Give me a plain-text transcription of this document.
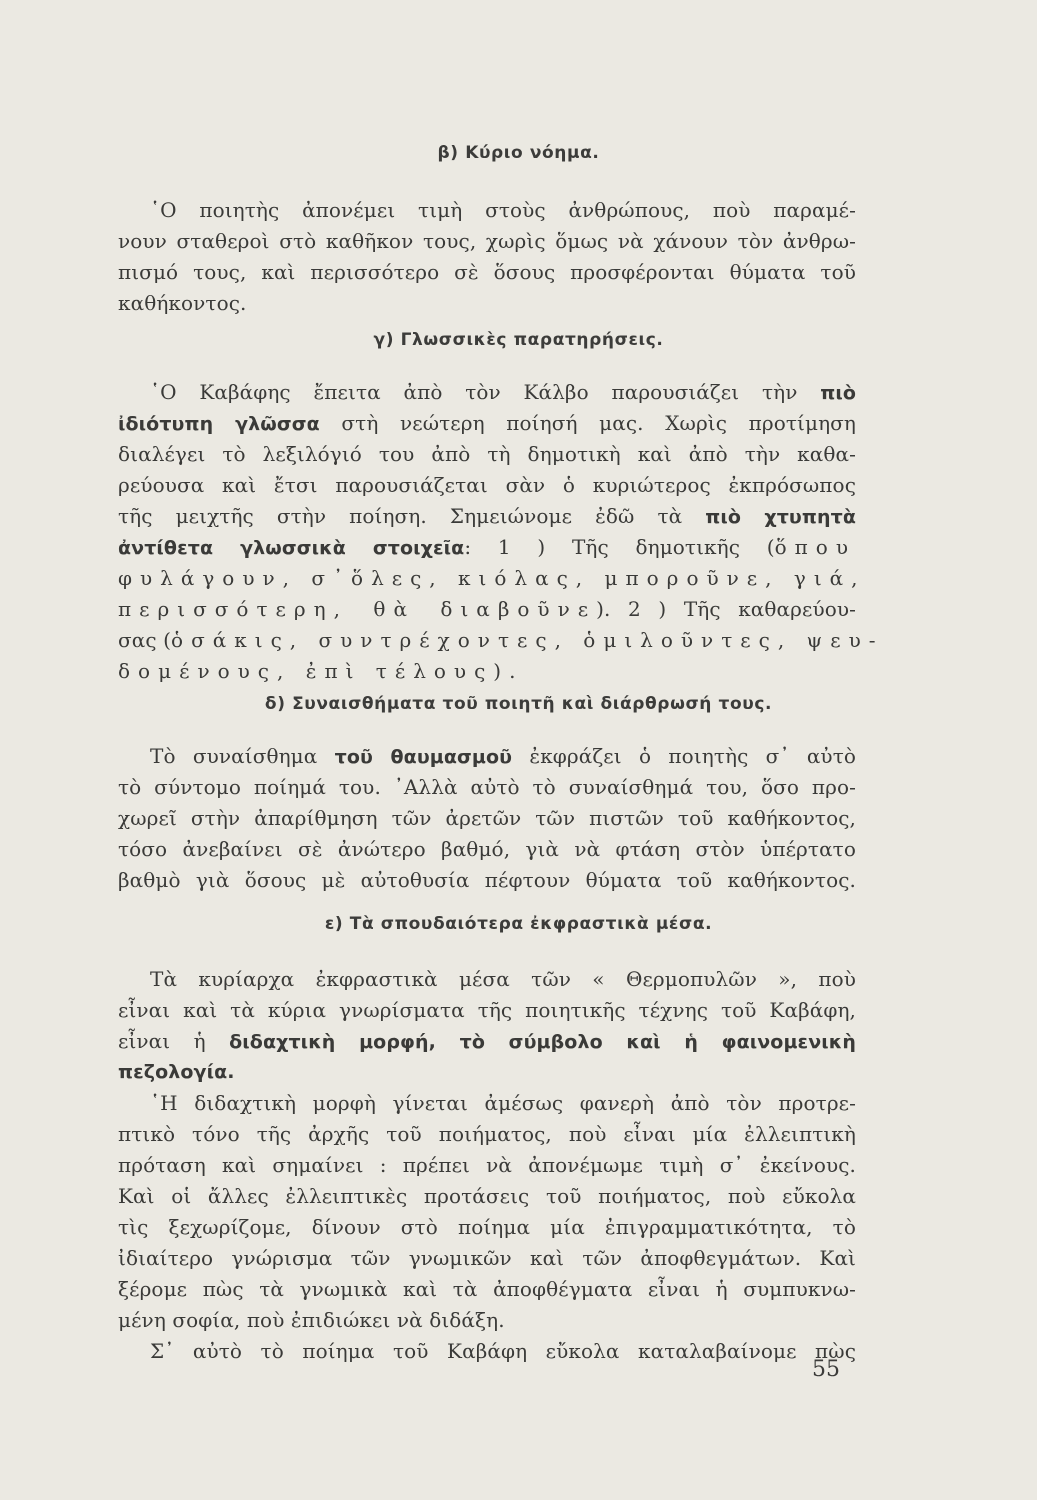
β) Κύριο νόημα.
῾Ο ποιητὴς ἀπονέμει τιμὴ στοὺς ἀνθρώπους, ποὺ παραμέ-
νουν σταθεροὶ στὸ καθῆκον τους, χωρὶς ὅμως νὰ χάνουν τὸν ἀνθρω-
πισμό τους, καὶ περισσότερο σὲ ὅσους προσφέρονται θύματα τοῦ
καθήκοντος.
γ) Γλωσσικὲς παρατηρήσεις.
῾Ο Καβάφης ἔπειτα ἀπὸ τὸν Κάλβο παρουσιάζει τὴν πιὸ
ἰδιότυπη γλῶσσα στὴ νεώτερη ποίησή μας. Χωρὶς προτίμηση
διαλέγει τὸ λεξιλόγιό του ἀπὸ τὴ δημοτικὴ καὶ ἀπὸ τὴν καθα-
ρεύουσα καὶ ἔτσι παρουσιάζεται σὰν ὁ κυριώτερος ἐκπρόσωπος
τῆς μειχτῆς στὴν ποίηση. Σημειώνομε ἐδῶ τὰ πιὸ χτυπητὰ
ἀντίθετα γλωσσικὰ στοιχεῖα: 1 ) Τῆς δημοτικῆς (ὅπου
φυλάγουν, σ᾿ὅλες, κιόλας, μποροῦνε, γιά,
περισσότερη, θὰ διαβοῦνε). 2 ) Τῆς καθαρεύου-
σας (ὁσάκις, συντρέχοντες, ὁμιλοῦντες, ψευ-
δομένους, ἐπὶ τέλους).
δ) Συναισθήματα τοῦ ποιητῆ καὶ διάρθρωσή τους.
Τὸ συναίσθημα τοῦ θαυμασμοῦ ἐκφράζει ὁ ποιητὴς σ᾿ αὐτὸ
τὸ σύντομο ποίημά του. ᾿Αλλὰ αὐτὸ τὸ συναίσθημά του, ὅσο προ-
χωρεῖ στὴν ἀπαρίθμηση τῶν ἀρετῶν τῶν πιστῶν τοῦ καθήκοντος,
τόσο ἀνεβαίνει σὲ ἀνώτερο βαθμό, γιὰ νὰ φτάση στὸν ὑπέρτατο
βαθμὸ γιὰ ὅσους μὲ αὐτοθυσία πέφτουν θύματα τοῦ καθήκοντος.
ε) Τὰ σπουδαιότερα ἐκφραστικὰ μέσα.
Τὰ κυρίαρχα ἐκφραστικὰ μέσα τῶν « Θερμοπυλῶν », ποὺ
εἶναι καὶ τὰ κύρια γνωρίσματα τῆς ποιητικῆς τέχνης τοῦ Καβάφη,
εἶναι ἡ διδαχτικὴ μορφή, τὸ σύμβολο καὶ ἡ φαινομενικὴ
πεζολογία.
῾Η διδαχτικὴ μορφὴ γίνεται ἀμέσως φανερὴ ἀπὸ τὸν προτρε-
πτικὸ τόνο τῆς ἀρχῆς τοῦ ποιήματος, ποὺ εἶναι μία ἐλλειπτικὴ
πρόταση καὶ σημαίνει : πρέπει νὰ ἀπονέμωμε τιμὴ σ᾿ ἐκείνους.
Καὶ οἱ ἄλλες ἐλλειπτικὲς προτάσεις τοῦ ποιήματος, ποὺ εὔκολα
τὶς ξεχωρίζομε, δίνουν στὸ ποίημα μία ἐπιγραμματικότητα, τὸ
ἰδιαίτερο γνώρισμα τῶν γνωμικῶν καὶ τῶν ἀποφθεγμάτων. Καὶ
ξέρομε πὼς τὰ γνωμικὰ καὶ τὰ ἀποφθέγματα εἶναι ἡ συμπυκνω-
μένη σοφία, ποὺ ἐπιδιώκει νὰ διδάξη.
Σ᾿ αὐτὸ τὸ ποίημα τοῦ Καβάφη εὔκολα καταλαβαίνομε πὼς
55
